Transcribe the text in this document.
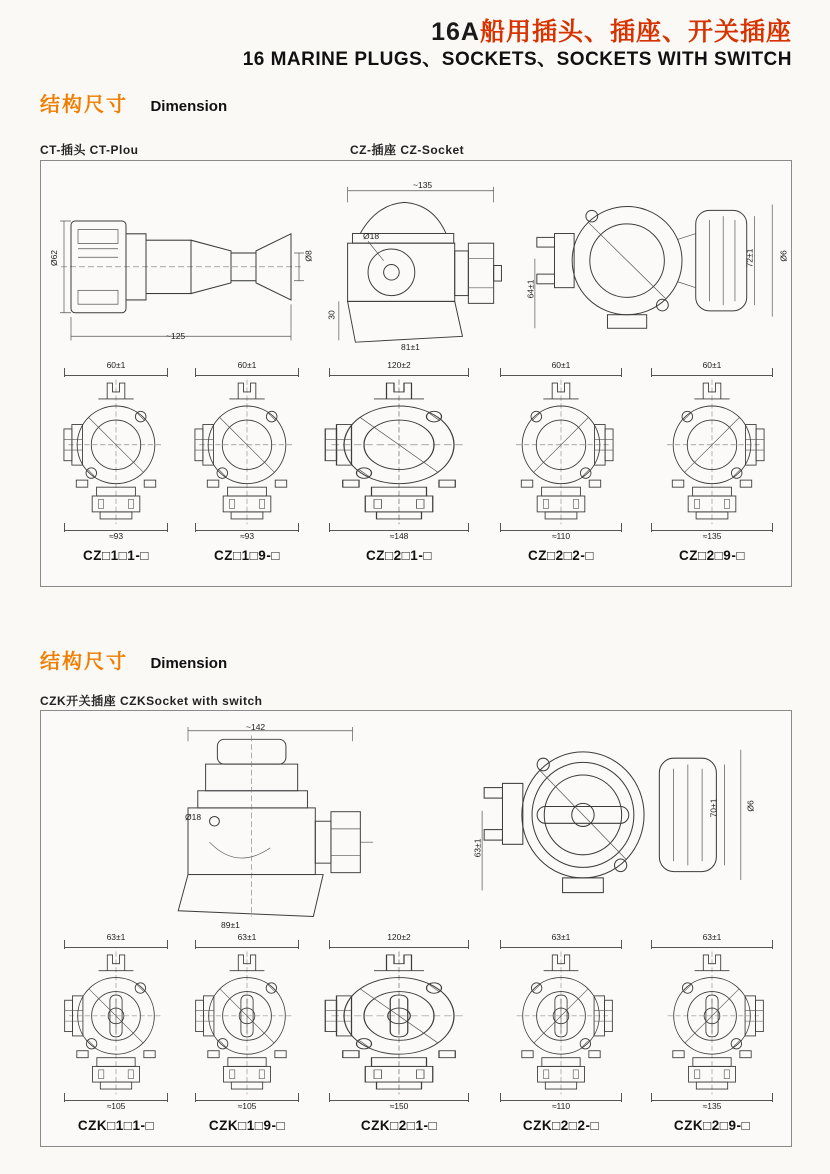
16A船用插头、插座、开关插座
16 MARINE PLUGS、SOCKETS、SOCKETS WITH SWITCH
结构尺寸 Dimension
CT-插头 CT-Plou	CZ-插座 CZ-Socket
Ø62	Ø8
~125
~135
Ø18
30
81±1
64±1
72±1	Ø6
60±1
≈93
CZ□1□1-□
60±1
≈93
CZ□1□9-□
120±2
≈148
CZ□2□1-□
60±1
≈110
CZ□2□2-□
60±1
≈135
CZ□2□9-□
结构尺寸 Dimension
CZK开关插座 CZKSocket with switch
~142
Ø18
89±1
63±1
70±1	Ø6
63±1
≈105
CZK□1□1-□
63±1
≈105
CZK□1□9-□
120±2
≈150
CZK□2□1-□
63±1
≈110
CZK□2□2-□
63±1
≈135
CZK□2□9-□
